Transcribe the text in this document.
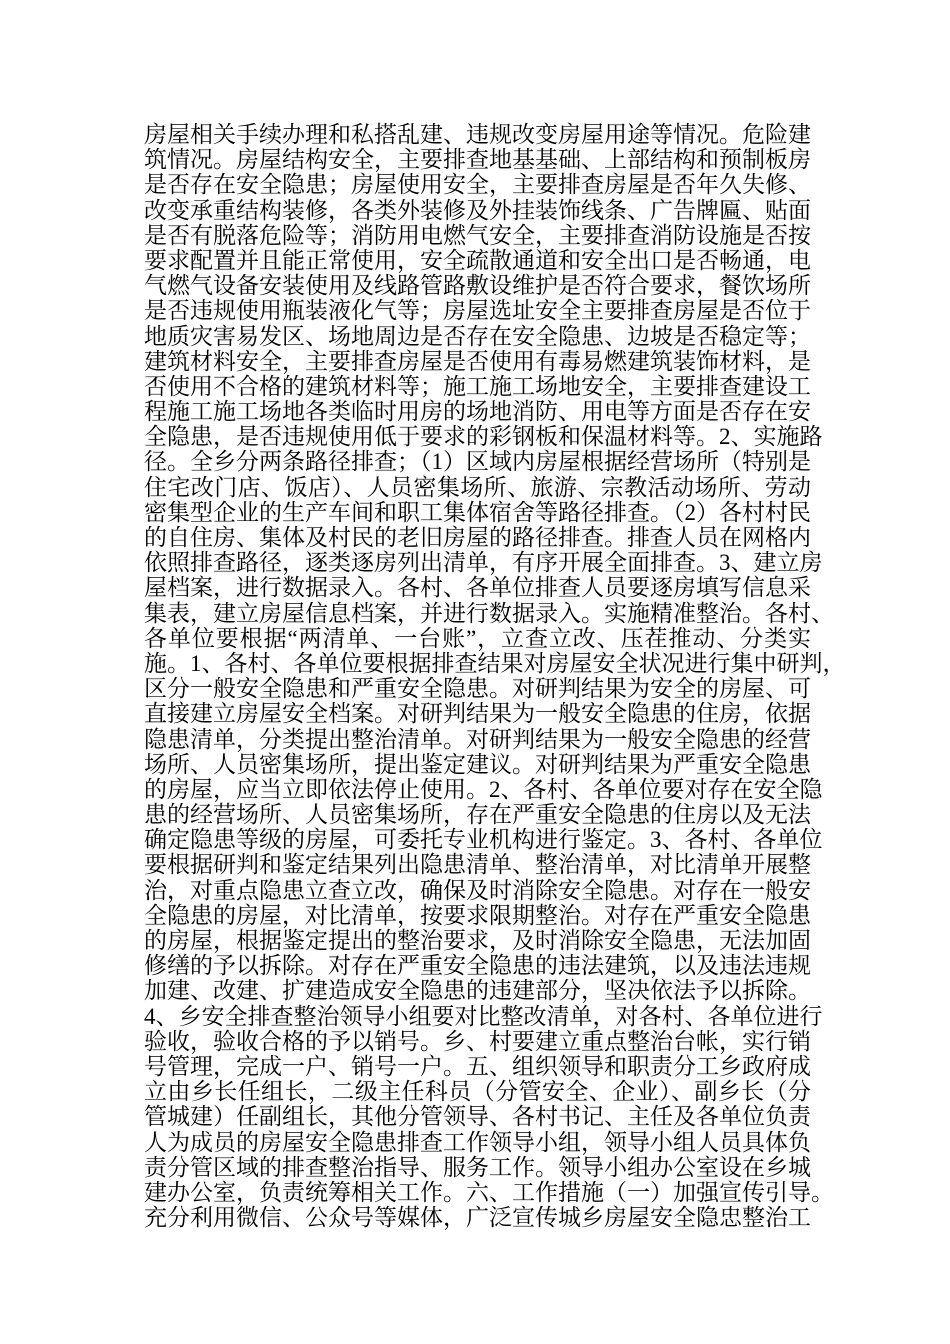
房屋相关手续办理和私搭乱建、违规改变房屋用途等情况。危险建
筑情况。房屋结构安全，主要排查地基基础、上部结构和预制板房
是否存在安全隐患；房屋使用安全，主要排查房屋是否年久失修、
改变承重结构装修，各类外装修及外挂装饰线条、广告牌匾、贴面
是否有脱落危险等；消防用电燃气安全，主要排查消防设施是否按
要求配置并且能正常使用，安全疏散通道和安全出口是否畅通，电
气燃气设备安装使用及线路管路敷设维护是否符合要求，餐饮场所
是否违规使用瓶装液化气等；房屋选址安全主要排查房屋是否位于
地质灾害易发区、场地周边是否存在安全隐患、边坡是否稳定等；
建筑材料安全，主要排查房屋是否使用有毒易燃建筑装饰材料，是
否使用不合格的建筑材料等；施工施工场地安全，主要排查建设工
程施工施工场地各类临时用房的场地消防、用电等方面是否存在安
全隐患，是否违规使用低于要求的彩钢板和保温材料等。2、实施路
径。全乡分两条路径排查；（1）区域内房屋根据经营场所（特别是
住宅改门店、饭店）、人员密集场所、旅游、宗教活动场所、劳动
密集型企业的生产车间和职工集体宿舍等路径排查。（2）各村村民
的自住房、集体及村民的老旧房屋的路径排查。排查人员在网格内
依照排查路径，逐类逐房列出清单，有序开展全面排查。3、建立房
屋档案，进行数据录入。各村、各单位排查人员要逐房填写信息采
集表，建立房屋信息档案，并进行数据录入。实施精准整治。各村、
各单位要根据“两清单、一台账”，立查立改、压茬推动、分类实
施。1、各村、各单位要根据排查结果对房屋安全状况进行集中研判，
区分一般安全隐患和严重安全隐患。对研判结果为安全的房屋、可
直接建立房屋安全档案。对研判结果为一般安全隐患的住房，依据
隐患清单，分类提出整治清单。对研判结果为一般安全隐患的经营
场所、人员密集场所，提出鉴定建议。对研判结果为严重安全隐患
的房屋，应当立即依法停止使用。2、各村、各单位要对存在安全隐
患的经营场所、人员密集场所，存在严重安全隐患的住房以及无法
确定隐患等级的房屋，可委托专业机构进行鉴定。3、各村、各单位
要根据研判和鉴定结果列出隐患清单、整治清单，对比清单开展整
治，对重点隐患立查立改，确保及时消除安全隐患。对存在一般安
全隐患的房屋，对比清单，按要求限期整治。对存在严重安全隐患
的房屋，根据鉴定提出的整治要求，及时消除安全隐患，无法加固
修缮的予以拆除。对存在严重安全隐患的违法建筑，以及违法违规
加建、改建、扩建造成安全隐患的违建部分，坚决依法予以拆除。
4、乡安全排查整治领导小组要对比整改清单，对各村、各单位进行
验收，验收合格的予以销号。乡、村要建立重点整治台帐，实行销
号管理，完成一户、销号一户。五、组织领导和职责分工乡政府成
立由乡长任组长，二级主任科员（分管安全、企业）、副乡长（分
管城建）任副组长，其他分管领导、各村书记、主任及各单位负责
人为成员的房屋安全隐患排查工作领导小组，领导小组人员具体负
责分管区域的排查整治指导、服务工作。领导小组办公室设在乡城
建办公室，负责统筹相关工作。六、工作措施（一）加强宣传引导。
充分利用微信、公众号等媒体，广泛宣传城乡房屋安全隐忠整治工
